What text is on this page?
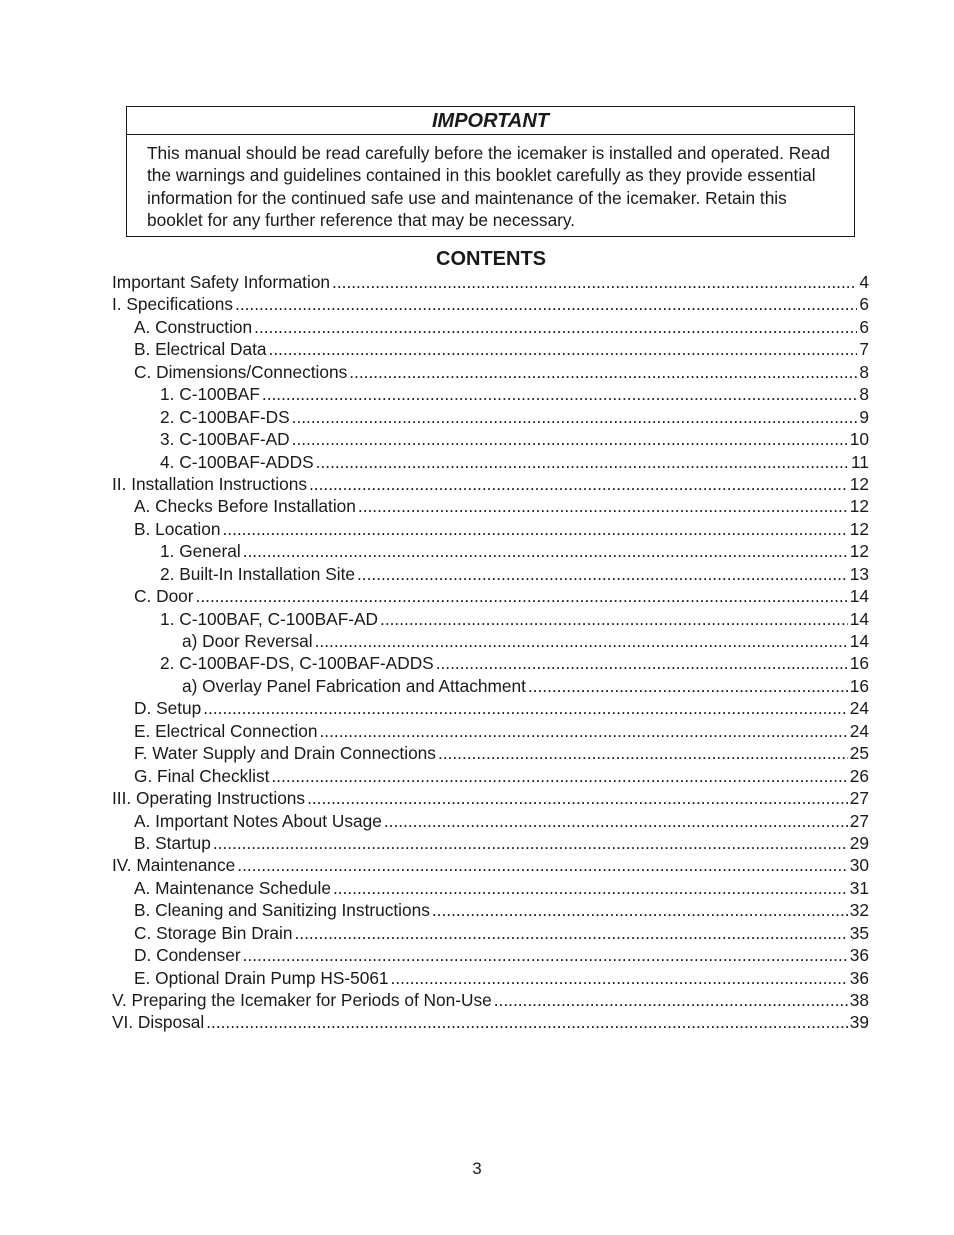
IMPORTANT

This manual should be read carefully before the icemaker is installed and operated. Read the warnings and guidelines contained in this booklet carefully as they provide essential information for the continued safe use and maintenance of the icemaker. Retain this booklet for any further reference that may be necessary.

CONTENTS
Important Safety Information .....	4
I. Specifications .....	6
A. Construction .....	6
B. Electrical Data .....	7
C. Dimensions/Connections .....	8
1. C-100BAF .....	8
2. C-100BAF-DS .....	9
3. C-100BAF-AD .....	10
4. C-100BAF-ADDS .....	11
II. Installation Instructions .....	12
A. Checks Before Installation .....	12
B. Location .....	12
1. General .....	12
2. Built-In Installation Site .....	13
C. Door .....	14
1. C-100BAF, C-100BAF-AD .....	14
a) Door Reversal .....	14
2. C-100BAF-DS, C-100BAF-ADDS .....	16
a) Overlay Panel Fabrication and Attachment .....	16
D. Setup .....	24
E. Electrical Connection .....	24
F. Water Supply and Drain Connections .....	25
G. Final Checklist .....	26
III. Operating Instructions .....	27
A. Important Notes About Usage .....	27
B. Startup .....	29
IV. Maintenance .....	30
A. Maintenance Schedule .....	31
B. Cleaning and Sanitizing Instructions .....	32
C. Storage Bin Drain .....	35
D. Condenser .....	36
E. Optional Drain Pump HS-5061 .....	36
V. Preparing the Icemaker for Periods of Non-Use .....	38
VI. Disposal .....	39
3
